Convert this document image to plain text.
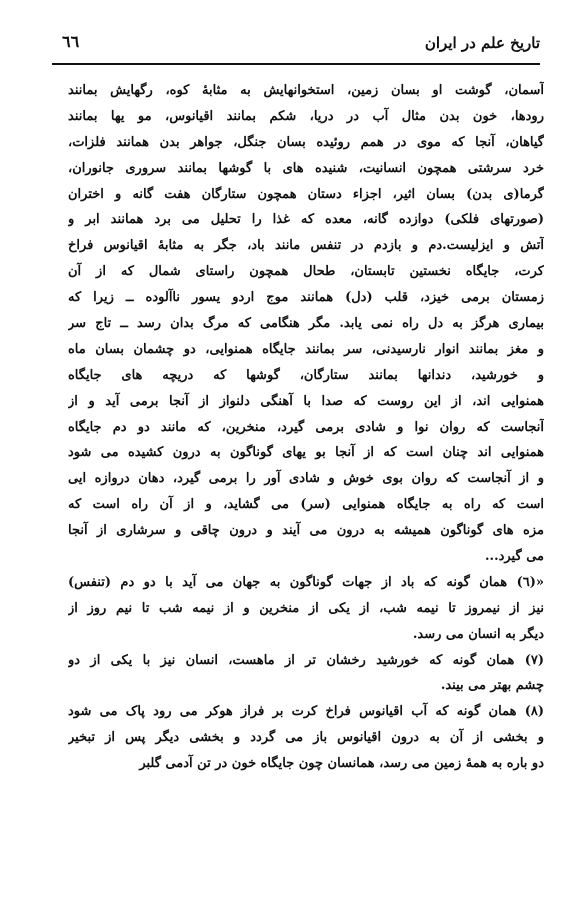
تاریخ علم در ایران
٦٦
آسمان، گوشت او بسان زمین، استخوانهایش به مثابهٔ کوه، رگهایش بمانند
رودها، خون بدن مثال آب در دریا، شکم بمانند اقیانوس، مو یها بمانند
گیاهان، آنجا که موی در همم روئیده بسان جنگل، جواهر بدن همانند فلزات،
خرد سرشتی همچون انسانیت، شنیده های با گوشها بمانند سروری جانوران،
گرما(ی بدن) بسان اثیر، اجزاء دستان همچون ستارگان هفت گانه و اختران
(صورتهای فلکی) دوازده گانه، معده که غذا را تحلیل می برد همانند ابر و
آتش و ایزلیست.دم و بازدم در تنفس مانند باد، جگر به مثابهٔ اقیانوس فراخ
کرت، جایگاه نخستین تابستان، طحال همچون راستای شمال که از آن
زمستان برمی خیزد، قلب (دل) همانند موج اردو یسور ناآلوده ــ زیرا که
بیماری هرگز به دل راه نمی یابد. مگر هنگامی که مرگ بدان رسد ــ تاج سر
و مغز بمانند انوار نارسیدنی، سر بمانند جایگاه همنوایی، دو چشمان بسان ماه
و خورشید، دندانها بمانند ستارگان، گوشها که دریچه های جایگاه
همنوایی اند، از این روست که صدا با آهنگی دلنواز از آنجا برمی آید و از
آنجاست که روان نوا و شادی برمی گیرد، منخرین، که مانند دو دم جایگاه
همنوایی اند چنان است که از آنجا بو یهای گوناگون به درون کشیده می شود
و از آنجاست که روان بوی خوش و شادی آور را برمی گیرد، دهان دروازه ایی
است که راه به جایگاه همنوایی (سر) می گشاید، و از آن راه است که
مزه های گوناگون همیشه به درون می آیند و درون چاقی و سرشاری از آنجا
می گیرد...
«(٦) همان گونه که باد از جهات گوناگون به جهان می آید با دو دم (تنفس)
نیز از نیمروز تا نیمه شب، از یکی از منخرین و از نیمه شب تا نیم روز از
دیگر به انسان می رسد.
(٧) همان گونه که خورشید رخشان تر از ماهست، انسان نیز با یکی از دو
چشم بهتر می بیند.
(٨) همان گونه که آب اقیانوس فراخ کرت بر فراز هوکر می رود پاک می شود
و بخشی از آن به درون اقیانوس باز می گردد و بخشی دیگر پس از تبخیر
دو باره به همهٔ زمین می رسد، همانسان چون جایگاه خون در تن آدمی گلبر
